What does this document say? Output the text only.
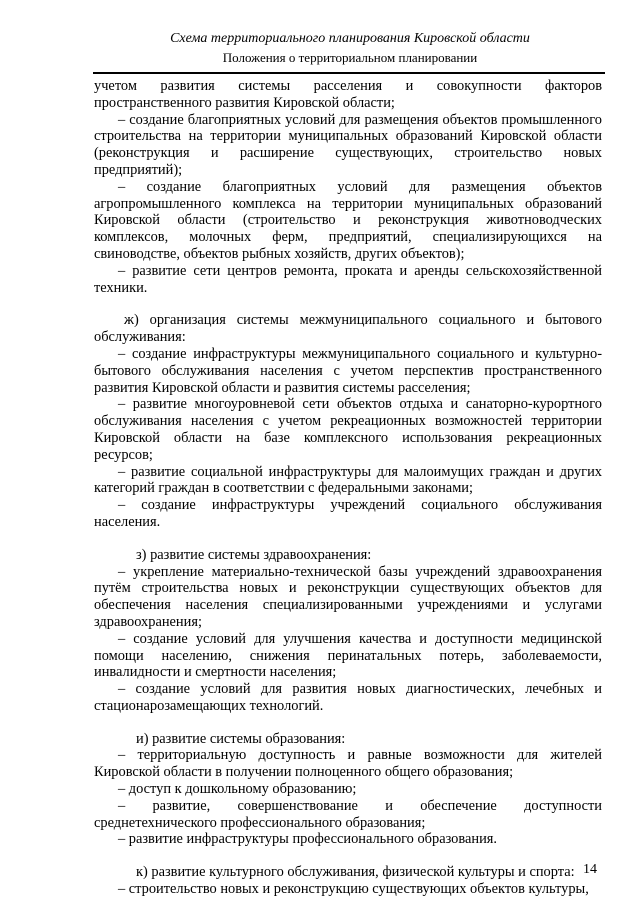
Схема территориального планирования Кировской области
Положения о территориальном планировании

учетом развития системы расселения и совокупности факторов пространственного развития Кировской области;

– создание благоприятных условий для размещения объектов промышленного строительства на территории муниципальных образований Кировской области (реконструкция и расширение существующих, строительство новых предприятий);

– создание благоприятных условий для размещения объектов агропромышленного комплекса на территории муниципальных образований Кировской области (строительство и реконструкция животноводческих комплексов, молочных ферм, предприятий, специализирующихся на свиноводстве, объектов рыбных хозяйств, других объектов);

– развитие сети центров ремонта, проката и аренды сельскохозяйственной техники.

ж) организация системы межмуниципального социального и бытового обслуживания:

– создание инфраструктуры межмуниципального социального и культурно-бытового обслуживания населения с учетом перспектив пространственного развития Кировской области и развития системы расселения;

– развитие многоуровневой сети объектов отдыха и санаторно-курортного обслуживания населения с учетом рекреационных возможностей территории Кировской области на базе комплексного использования рекреационных ресурсов;

– развитие социальной инфраструктуры для малоимущих граждан и других категорий граждан в соответствии с федеральными законами;

– создание инфраструктуры учреждений социального обслуживания населения.

з) развитие системы здравоохранения:

– укрепление материально-технической базы учреждений здравоохранения путём строительства новых и реконструкции существующих объектов для обеспечения населения специализированными учреждениями и услугами здравоохранения;

– создание условий для улучшения качества и доступности медицинской помощи населению, снижения перинатальных потерь, заболеваемости, инвалидности и смертности населения;

– создание условий для развития новых диагностических, лечебных и стационарозамещающих технологий.

и) развитие системы образования:

– территориальную доступность и равные возможности для жителей Кировской области в получении полноценного общего образования;

– доступ к дошкольному образованию;

– развитие, совершенствование и обеспечение доступности среднетехнического профессионального образования;

– развитие инфраструктуры профессионального образования.

к) развитие культурного обслуживания, физической культуры и спорта:

– строительство новых и реконструкцию существующих объектов культуры,

14
